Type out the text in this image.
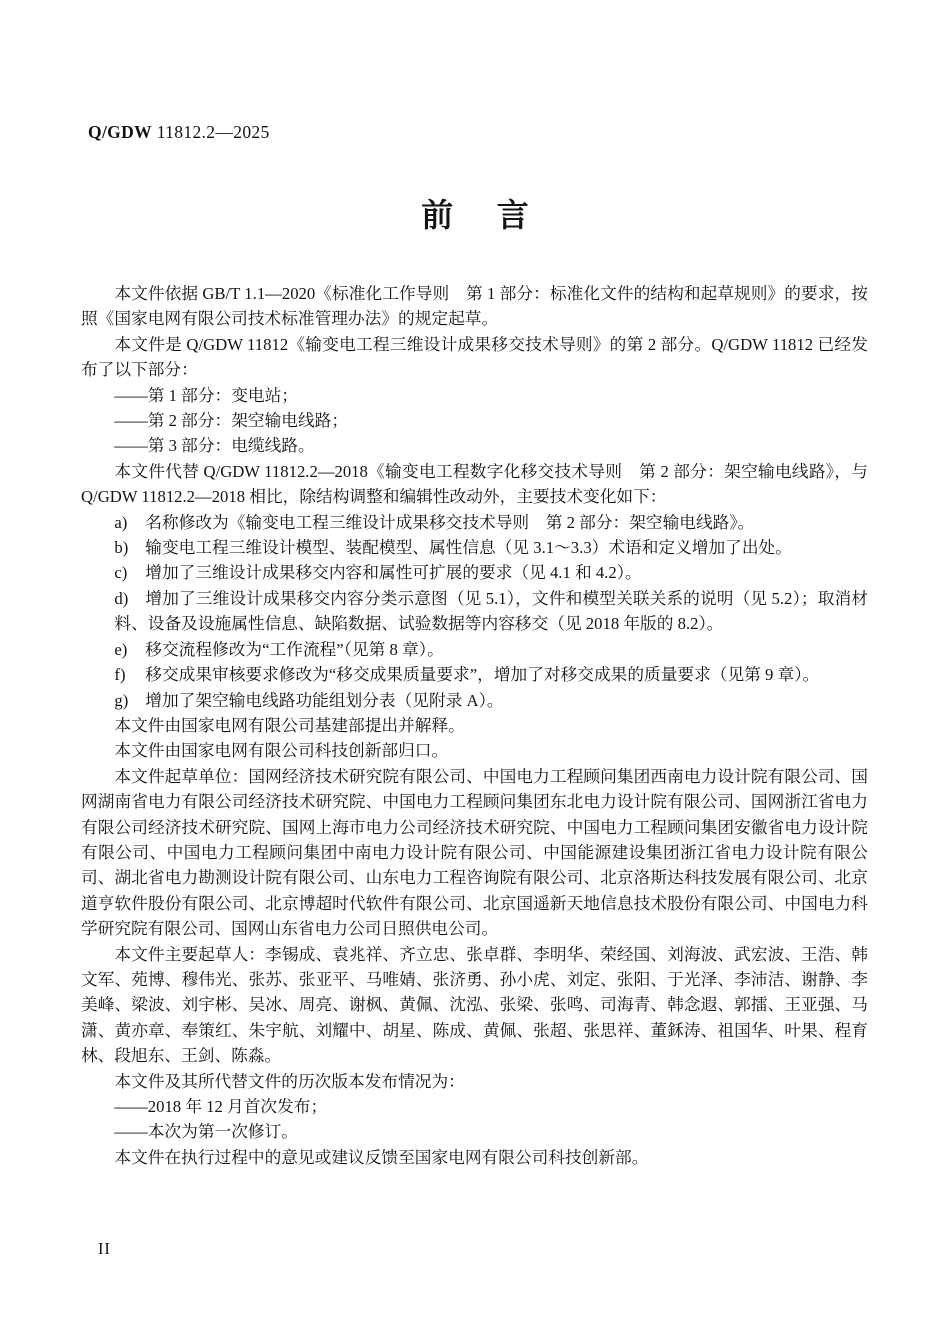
Q/GDW 11812.2—2025
前　言

本文件依据 GB/T 1.1—2020《标准化工作导则　第 1 部分：标准化文件的结构和起草规则》的要求，按照《国家电网有限公司技术标准管理办法》的规定起草。

本文件是 Q/GDW 11812《输变电工程三维设计成果移交技术导则》的第 2 部分。Q/GDW 11812 已经发布了以下部分：

——第 1 部分：变电站；

——第 2 部分：架空输电线路；

——第 3 部分：电缆线路。

本文件代替 Q/GDW 11812.2—2018《输变电工程数字化移交技术导则　第 2 部分：架空输电线路》，与 Q/GDW 11812.2—2018 相比，除结构调整和编辑性改动外，主要技术变化如下：

a) 名称修改为《输变电工程三维设计成果移交技术导则　第 2 部分：架空输电线路》。
b) 输变电工程三维设计模型、装配模型、属性信息（见 3.1～3.3）术语和定义增加了出处。
c) 增加了三维设计成果移交内容和属性可扩展的要求（见 4.1 和 4.2）。
d) 增加了三维设计成果移交内容分类示意图（见 5.1），文件和模型关联关系的说明（见 5.2）；取消材料、设备及设施属性信息、缺陷数据、试验数据等内容移交（见 2018 年版的 8.2）。
e) 移交流程修改为“工作流程”（见第 8 章）。
f) 移交成果审核要求修改为“移交成果质量要求”，增加了对移交成果的质量要求（见第 9 章）。
g) 增加了架空输电线路功能组划分表（见附录 A）。

本文件由国家电网有限公司基建部提出并解释。

本文件由国家电网有限公司科技创新部归口。

本文件起草单位：国网经济技术研究院有限公司、中国电力工程顾问集团西南电力设计院有限公司、国网湖南省电力有限公司经济技术研究院、中国电力工程顾问集团东北电力设计院有限公司、国网浙江省电力有限公司经济技术研究院、国网上海市电力公司经济技术研究院、中国电力工程顾问集团安徽省电力设计院有限公司、中国电力工程顾问集团中南电力设计院有限公司、中国能源建设集团浙江省电力设计院有限公司、湖北省电力勘测设计院有限公司、山东电力工程咨询院有限公司、北京洛斯达科技发展有限公司、北京道亨软件股份有限公司、北京博超时代软件有限公司、北京国遥新天地信息技术股份有限公司、中国电力科学研究院有限公司、国网山东省电力公司日照供电公司。

本文件主要起草人：李锡成、袁兆祥、齐立忠、张卓群、李明华、荣经国、刘海波、武宏波、王浩、韩文军、苑博、穆伟光、张苏、张亚平、马唯婧、张济勇、孙小虎、刘定、张阳、于光泽、李沛洁、谢静、李美峰、梁波、刘宇彬、吴冰、周亮、谢枫、黄佩、沈泓、张梁、张鸣、司海青、韩念遐、郭擂、王亚强、马潇、黄亦章、奉策红、朱宇航、刘耀中、胡星、陈成、黄佩、张超、张思祥、董鉌涛、祖国华、叶果、程育林、段旭东、王剑、陈淼。

本文件及其所代替文件的历次版本发布情况为：

——2018 年 12 月首次发布；

——本次为第一次修订。

本文件在执行过程中的意见或建议反馈至国家电网有限公司科技创新部。

II
